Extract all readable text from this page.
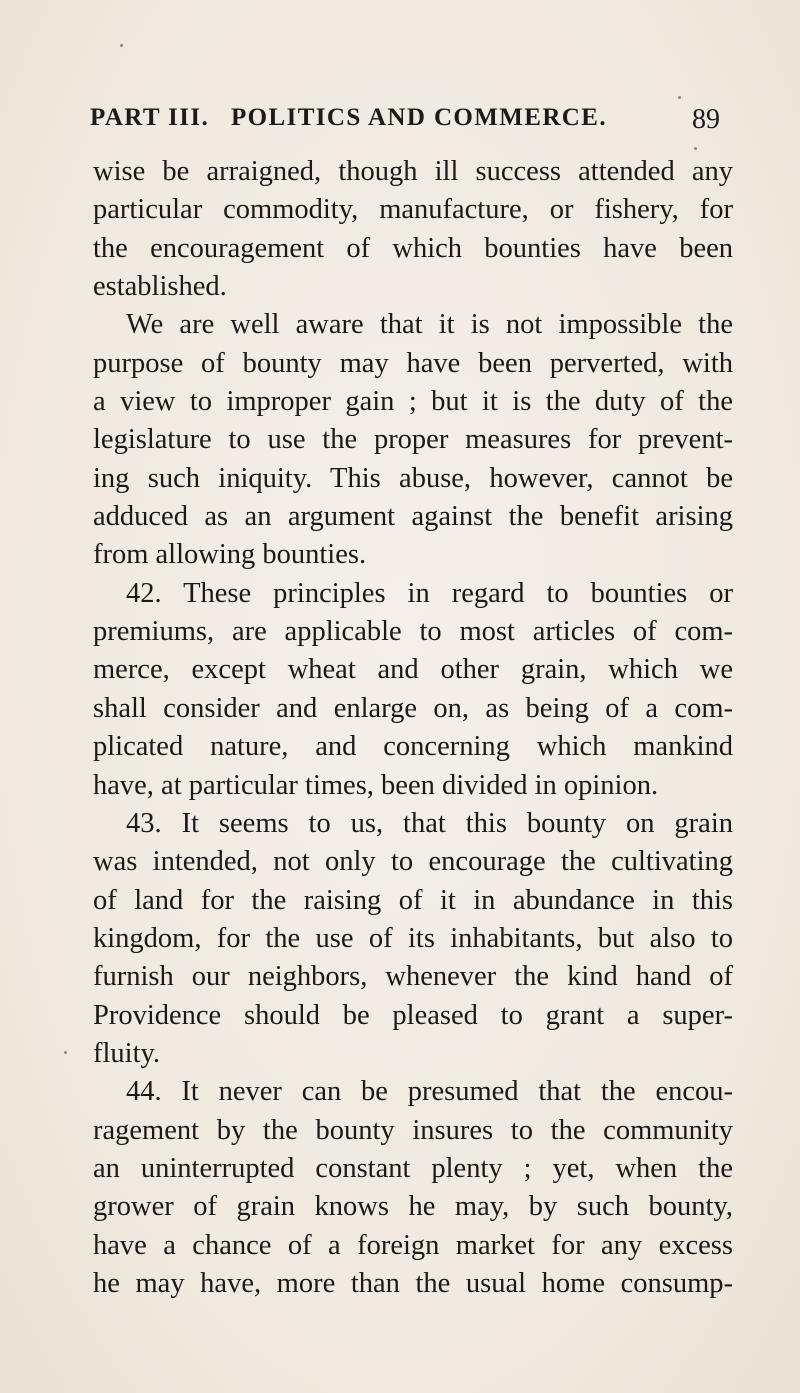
PART III. POLITICS AND COMMERCE.	89
wise be arraigned, though ill success attended any
particular commodity, manufacture, or fishery, for
the encouragement of which bounties have been
established.
We are well aware that it is not impossible the
purpose of bounty may have been perverted, with
a view to improper gain ; but it is the duty of the
legislature to use the proper measures for prevent-
ing such iniquity. This abuse, however, cannot be
adduced as an argument against the benefit arising
from allowing bounties.
42. These principles in regard to bounties or
premiums, are applicable to most articles of com-
merce, except wheat and other grain, which we
shall consider and enlarge on, as being of a com-
plicated nature, and concerning which mankind
have, at particular times, been divided in opinion.
43. It seems to us, that this bounty on grain
was intended, not only to encourage the cultivating
of land for the raising of it in abundance in this
kingdom, for the use of its inhabitants, but also to
furnish our neighbors, whenever the kind hand of
Providence should be pleased to grant a super-
fluity.
44. It never can be presumed that the encou-
ragement by the bounty insures to the community
an uninterrupted constant plenty ; yet, when the
grower of grain knows he may, by such bounty,
have a chance of a foreign market for any excess
he may have, more than the usual home consump-
